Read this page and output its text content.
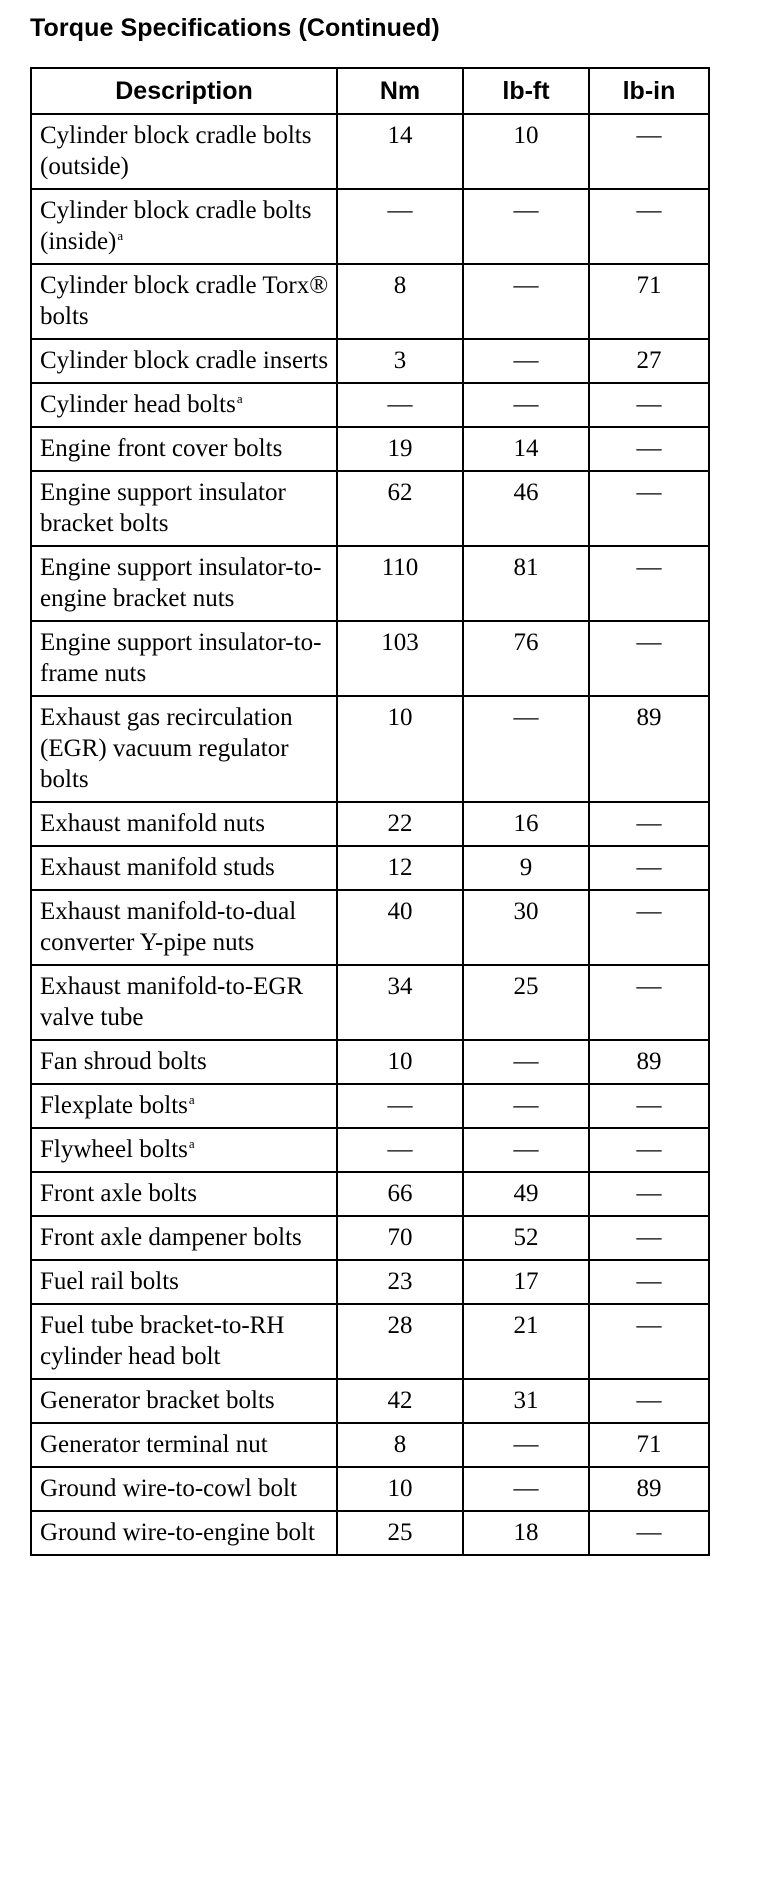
Torque Specifications (Continued)
Description	Nm	lb-ft	lb-in
Cylinder block cradle bolts (outside)	14	10	—
Cylinder block cradle bolts (inside)$^a$	—	—	—
Cylinder block cradle Torx® bolts	8	—	71
Cylinder block cradle inserts	3	—	27
Cylinder head bolts$^a$	—	—	—
Engine front cover bolts	19	14	—
Engine support insulator bracket bolts	62	46	—
Engine support insulator-to-engine bracket nuts	110	81	—
Engine support insulator-to-frame nuts	103	76	—
Exhaust gas recirculation (EGR) vacuum regulator bolts	10	—	89
Exhaust manifold nuts	22	16	—
Exhaust manifold studs	12	9	—
Exhaust manifold-to-dual converter Y-pipe nuts	40	30	—
Exhaust manifold-to-EGR valve tube	34	25	—
Fan shroud bolts	10	—	89
Flexplate bolts$^a$	—	—	—
Flywheel bolts$^a$	—	—	—
Front axle bolts	66	49	—
Front axle dampener bolts	70	52	—
Fuel rail bolts	23	17	—
Fuel tube bracket-to-RH cylinder head bolt	28	21	—
Generator bracket bolts	42	31	—
Generator terminal nut	8	—	71
Ground wire-to-cowl bolt	10	—	89
Ground wire-to-engine bolt	25	18	—
